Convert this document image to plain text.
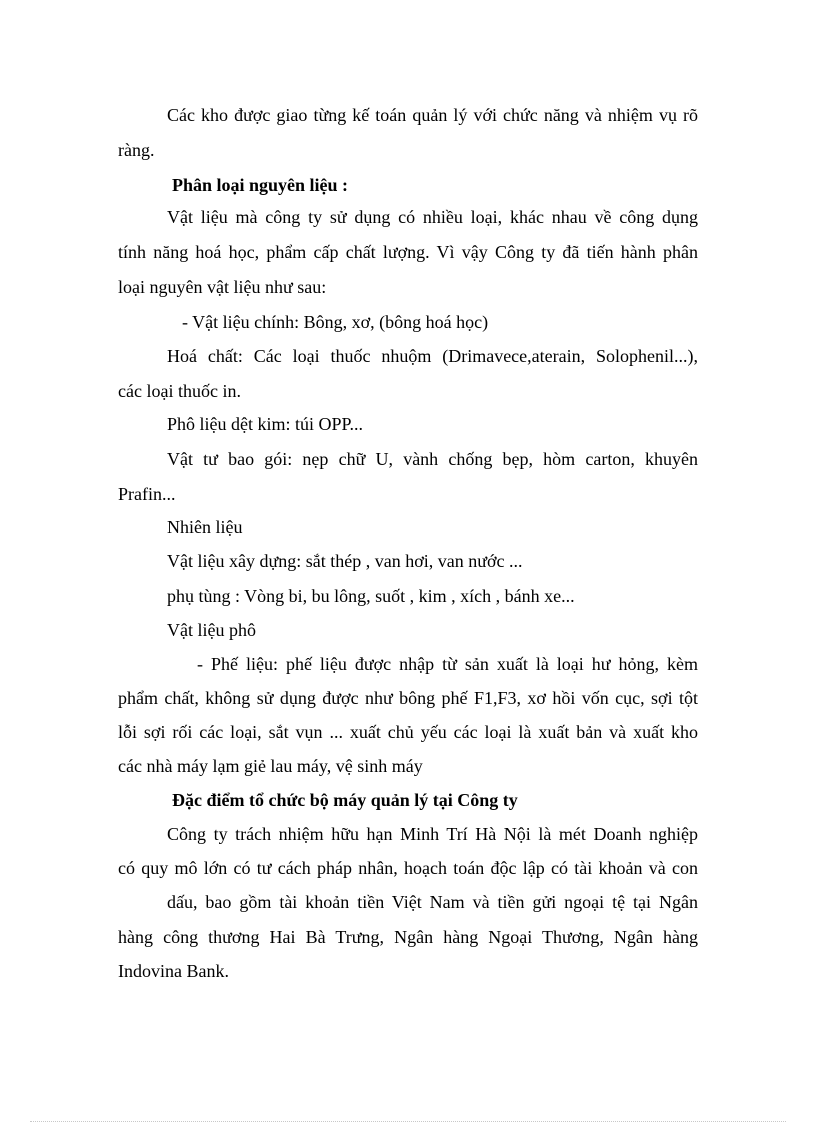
Các kho được giao từng kế toán quản lý với chức năng và nhiệm vụ rõ
ràng.
Phân loại nguyên liệu :
Vật liệu mà công ty sử dụng có nhiều loại, khác nhau về công dụng
tính năng hoá học, phẩm cấp chất lượng. Vì vậy Công ty đã tiến hành phân
loại nguyên vật liệu như sau:
- Vật liệu chính: Bông, xơ, (bông hoá học)
Hoá chất: Các loại thuốc nhuộm (Drimavece,aterain, Solophenil...),
các loại thuốc in.
Phô liệu dệt kim: túi OPP...
Vật tư bao gói: nẹp chữ U, vành chống bẹp, hòm carton, khuyên
Prafin...
Nhiên liệu
Vật liệu xây dựng: sắt thép , van hơi, van nước ...
phụ tùng : Vòng bi, bu lông, suốt , kim , xích , bánh xe...
Vật liệu phô
- Phế liệu: phế liệu được nhập từ sản xuất là loại hư hỏng, kèm
phẩm chất, không sử dụng được như bông phế F1,F3, xơ hồi vốn cục, sợi tột
lỗi sợi rối các loại, sắt vụn ... xuất chủ yếu các loại là xuất bản và xuất kho
các nhà máy lạm giẻ lau máy, vệ sinh máy
Đặc điểm tổ chức bộ máy quản lý tại Công ty
Công ty trách nhiệm hữu hạn Minh Trí Hà Nội là mét Doanh nghiệp
có quy mô lớn có tư cách pháp nhân, hoạch toán độc lập có tài khoản và con
dấu, bao gồm tài khoản tiền Việt Nam và tiền gửi ngoại tệ tại Ngân
hàng công thương Hai Bà Trưng, Ngân hàng Ngoại Thương, Ngân hàng
Indovina Bank.
